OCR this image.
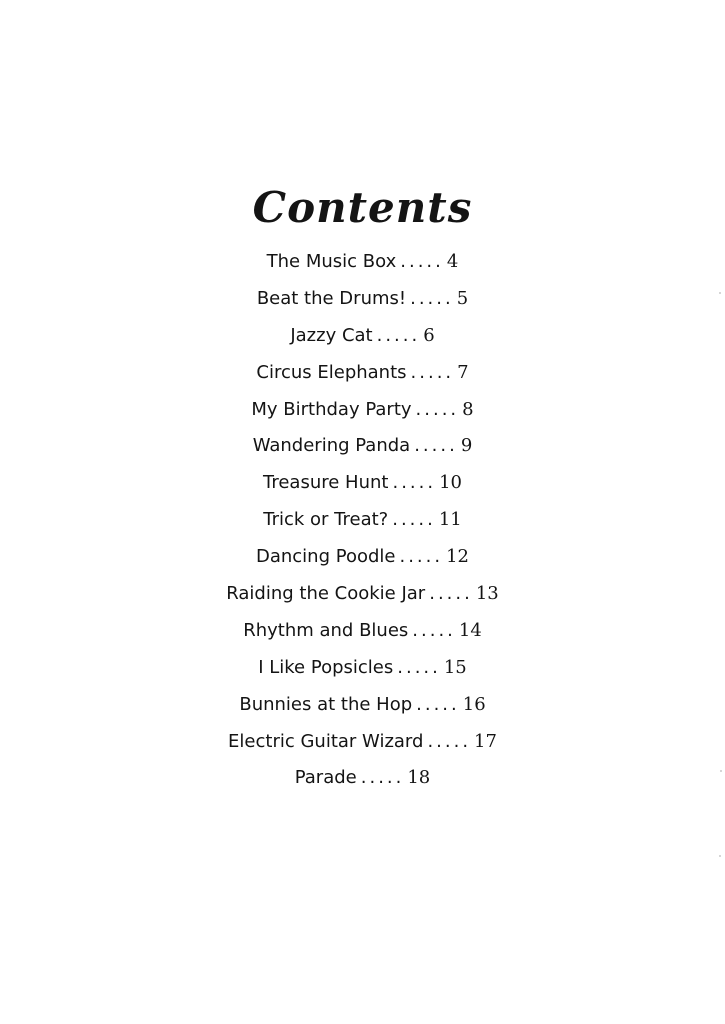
Contents
The Music Box ..... 4
Beat the Drums! ..... 5
Jazzy Cat ..... 6
Circus Elephants ..... 7
My Birthday Party ..... 8
Wandering Panda ..... 9
Treasure Hunt ..... 10
Trick or Treat? ..... 11
Dancing Poodle ..... 12
Raiding the Cookie Jar ..... 13
Rhythm and Blues ..... 14
I Like Popsicles ..... 15
Bunnies at the Hop ..... 16
Electric Guitar Wizard ..... 17
Parade ..... 18
